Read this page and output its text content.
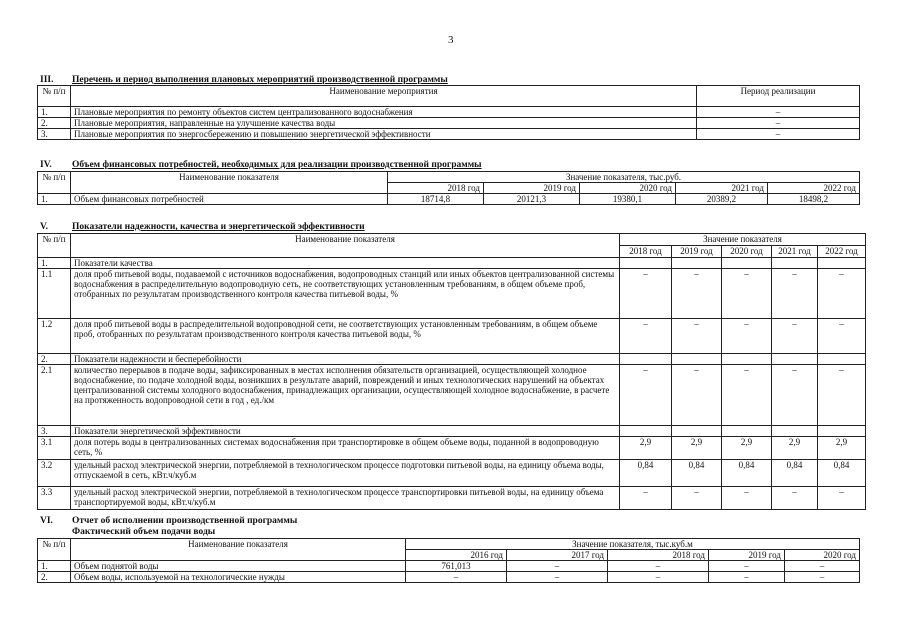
3
III. Перечень и период выполнения плановых мероприятий производственной программы
№ п/п	Наименование мероприятия	Период реализации
1.	Плановые мероприятия по ремонту объектов систем централизованного водоснабжения	–
2.	Плановые мероприятия, направленные на улучшение качества воды	–
3.	Плановые мероприятия по энергосбережению и повышению энергетической эффективности	–
IV. Объем финансовых потребностей, необходимых для реализации производственной программы
№ п/п	Наименование показателя	Значение показателя, тыс.руб.				
		2018 год	2019 год	2020 год	2021 год	2022 год
1.	Объем финансовых потребностей	18714,8	20121,3	19380,1	20389,2	18498,2
V.	Показатели надежности, качества и энергетической эффективности
№ п/п	Наименование показателя	Значение показателя				
		2018 год	2019 год	2020 год	2021 год	2022 год
1.	Показатели качества					
1.1	доля проб питьевой воды, подаваемой с источников водоснабжения, водопроводных станций или иных объектов централизованной системы водоснабжения в распределительную водопроводную сеть, не соответствующих установленным требованиям, в общем объеме проб, отобранных по результатам производственного контроля качества питьевой воды, %	–	–	–	–	–
1.2	доля проб питьевой воды в распределительной водопроводной сети, не соответствующих установленным требованиям, в общем объеме проб, отобранных по результатам производственного контроля качества питьевой воды, %	–	–	–	–	–
2.	Показатели надежности и бесперебойности					
2.1	количество перерывов в подаче воды, зафиксированных в местах исполнения обязательств организацией, осуществляющей холодное водоснабжение, по подаче холодной воды, возникших в результате аварий, повреждений и иных технологических нарушений на объектах централизованной системы холодного водоснабжения, принадлежащих организации, осуществляющей холодное водоснабжение, в расчете на протяженность водопроводной сети в год , ед./км	–	–	–	–	–
3.	Показатели энергетической эффективности					
3.1	доля потерь воды в централизованных системах водоснабжения при транспортировке в общем объеме воды, поданной в водопроводную сеть, %	2,9	2,9	2,9	2,9	2,9
3.2	удельный расход электрической энергии, потребляемой в технологическом процессе подготовки питьевой воды, на единицу объема воды, отпускаемой в сеть, кВт.ч/куб.м	0,84	0,84	0,84	0,84	0,84
3.3	удельный расход электрической энергии, потребляемой в технологическом процессе транспортировки питьевой воды, на единицу объема транспортируемой воды, кВт.ч/куб.м	–	–	–	–	–
VI. Отчет об исполнении производственной программы
Фактический объем подачи воды
№ п/п	Наименование показателя	Значение показателя, тыс.куб.м				
		2016 год	2017 год	2018 год	2019 год	2020 год
1.	Объем поднятой воды	761,013	–	–	–	–
2.	Объем воды, используемой на технологические нужды	–	–	–	–	–
